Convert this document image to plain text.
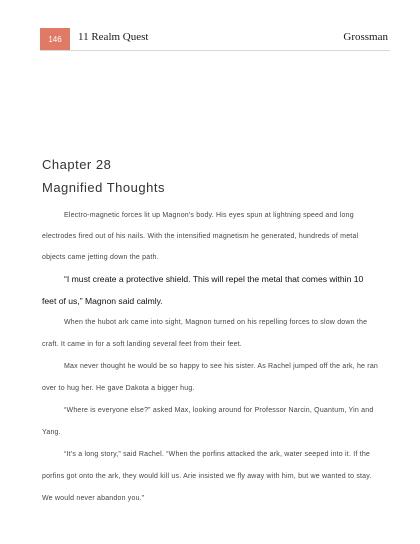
146	11 Realm Quest	Grossman
Chapter 28
Magnified Thoughts

Electro-magnetic forces lit up Magnon's body. His eyes spun at lightning speed and long electrodes fired out of his nails. With the intensified magnetism he generated, hundreds of metal objects came jetting down the path.

“I must create a protective shield. This will repel the metal that comes within 10 feet of us,” Magnon said calmly.

When the hubot ark came into sight, Magnon turned on his repelling forces to slow down the craft. It came in for a soft landing several feet from their feet.

Max never thought he would be so happy to see his sister. As Rachel jumped off the ark, he ran over to hug her. He gave Dakota a bigger hug.

“Where is everyone else?” asked Max, looking around for Professor Narcin, Quantum, Yin and Yang.

“It's a long story,” said Rachel. “When the porfins attacked the ark, water seeped into it. If the porfins got onto the ark, they would kill us. Arie insisted we fly away with him, but we wanted to stay. We would never abandon you.”
